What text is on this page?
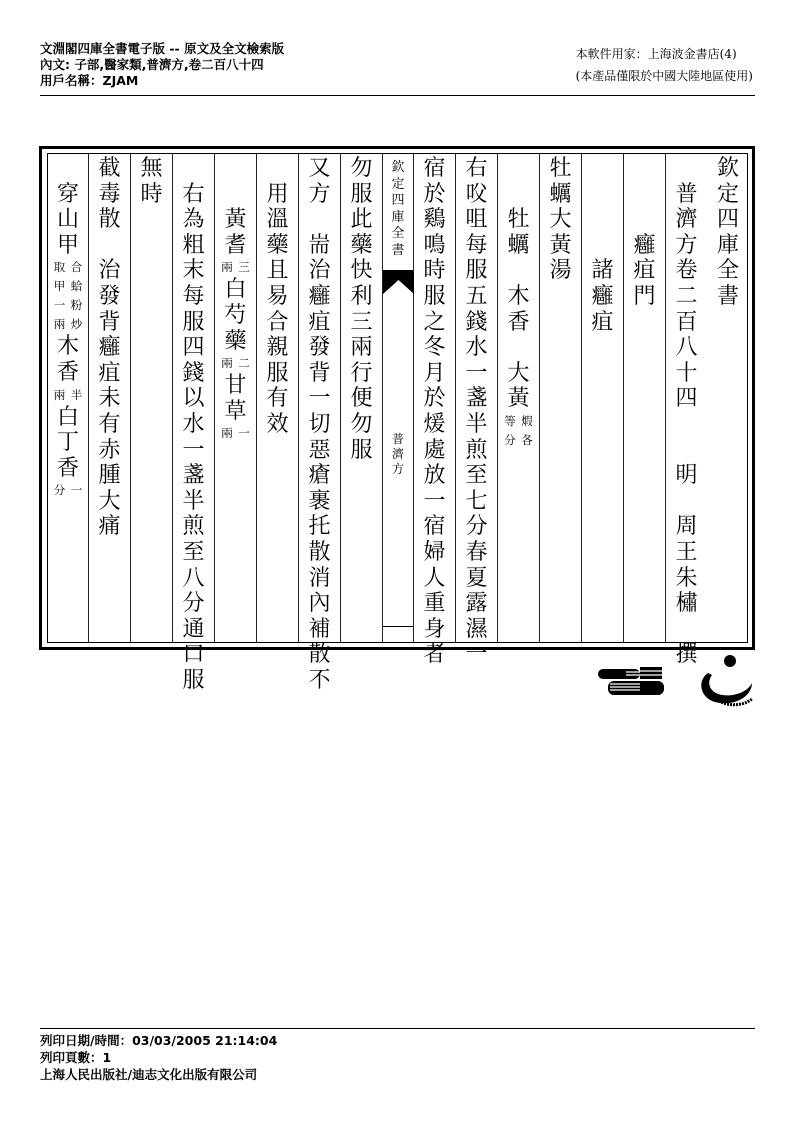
文淵閣四庫全書電子版 -- 原文及全文檢索版
內文: 子部,醫家類,普濟方,卷二百八十四
用戶名稱：ZJAM
本軟件用家：上海波金書店(4)
(本產品僅限於中國大陸地區使用)
欽
定
四
庫
全
書
普
濟
方
卷
二
百
八
十
四
明
周
王
朱
橚
撰
癰
疽
門
諸
癰
疽
牡
蠣
大
黃
湯
牡
蠣
木
香
大
黃
煆
各
等
分
右
㕮
咀
每
服
五
錢
水
一
盞
半
煎
至
七
分
春
夏
露
濕
一
宿
於
鷄
鳴
時
服
之
冬
月
於
煖
處
放
一
宿
婦
人
重
身
者
欽
定
四
庫
全
書
普
濟
方
勿
服
此
藥
快
利
三
兩
行
便
勿
服
又
方
耑
治
癰
疽
發
背
一
切
惡
瘡
裹
托
散
消
內
補
散
不
用
溫
藥
且
易
合
親
服
有
效
黃
耆
三
兩
白
芍
藥
二
兩
甘
草
一
兩
右
為
粗
末
每
服
四
錢
以
水
一
盞
半
煎
至
八
分
通
口
服
無
時
截
毒
散
治
發
背
癰
疽
未
有
赤
腫
大
痛
穿
山
甲
合
蛤
粉
炒
取
甲
一
兩
木
香
半
兩
白
丁
香
一
分
列印日期/時間：03/03/2005 21:14:04
列印頁數：1
上海人民出版社/迪志文化出版有限公司
